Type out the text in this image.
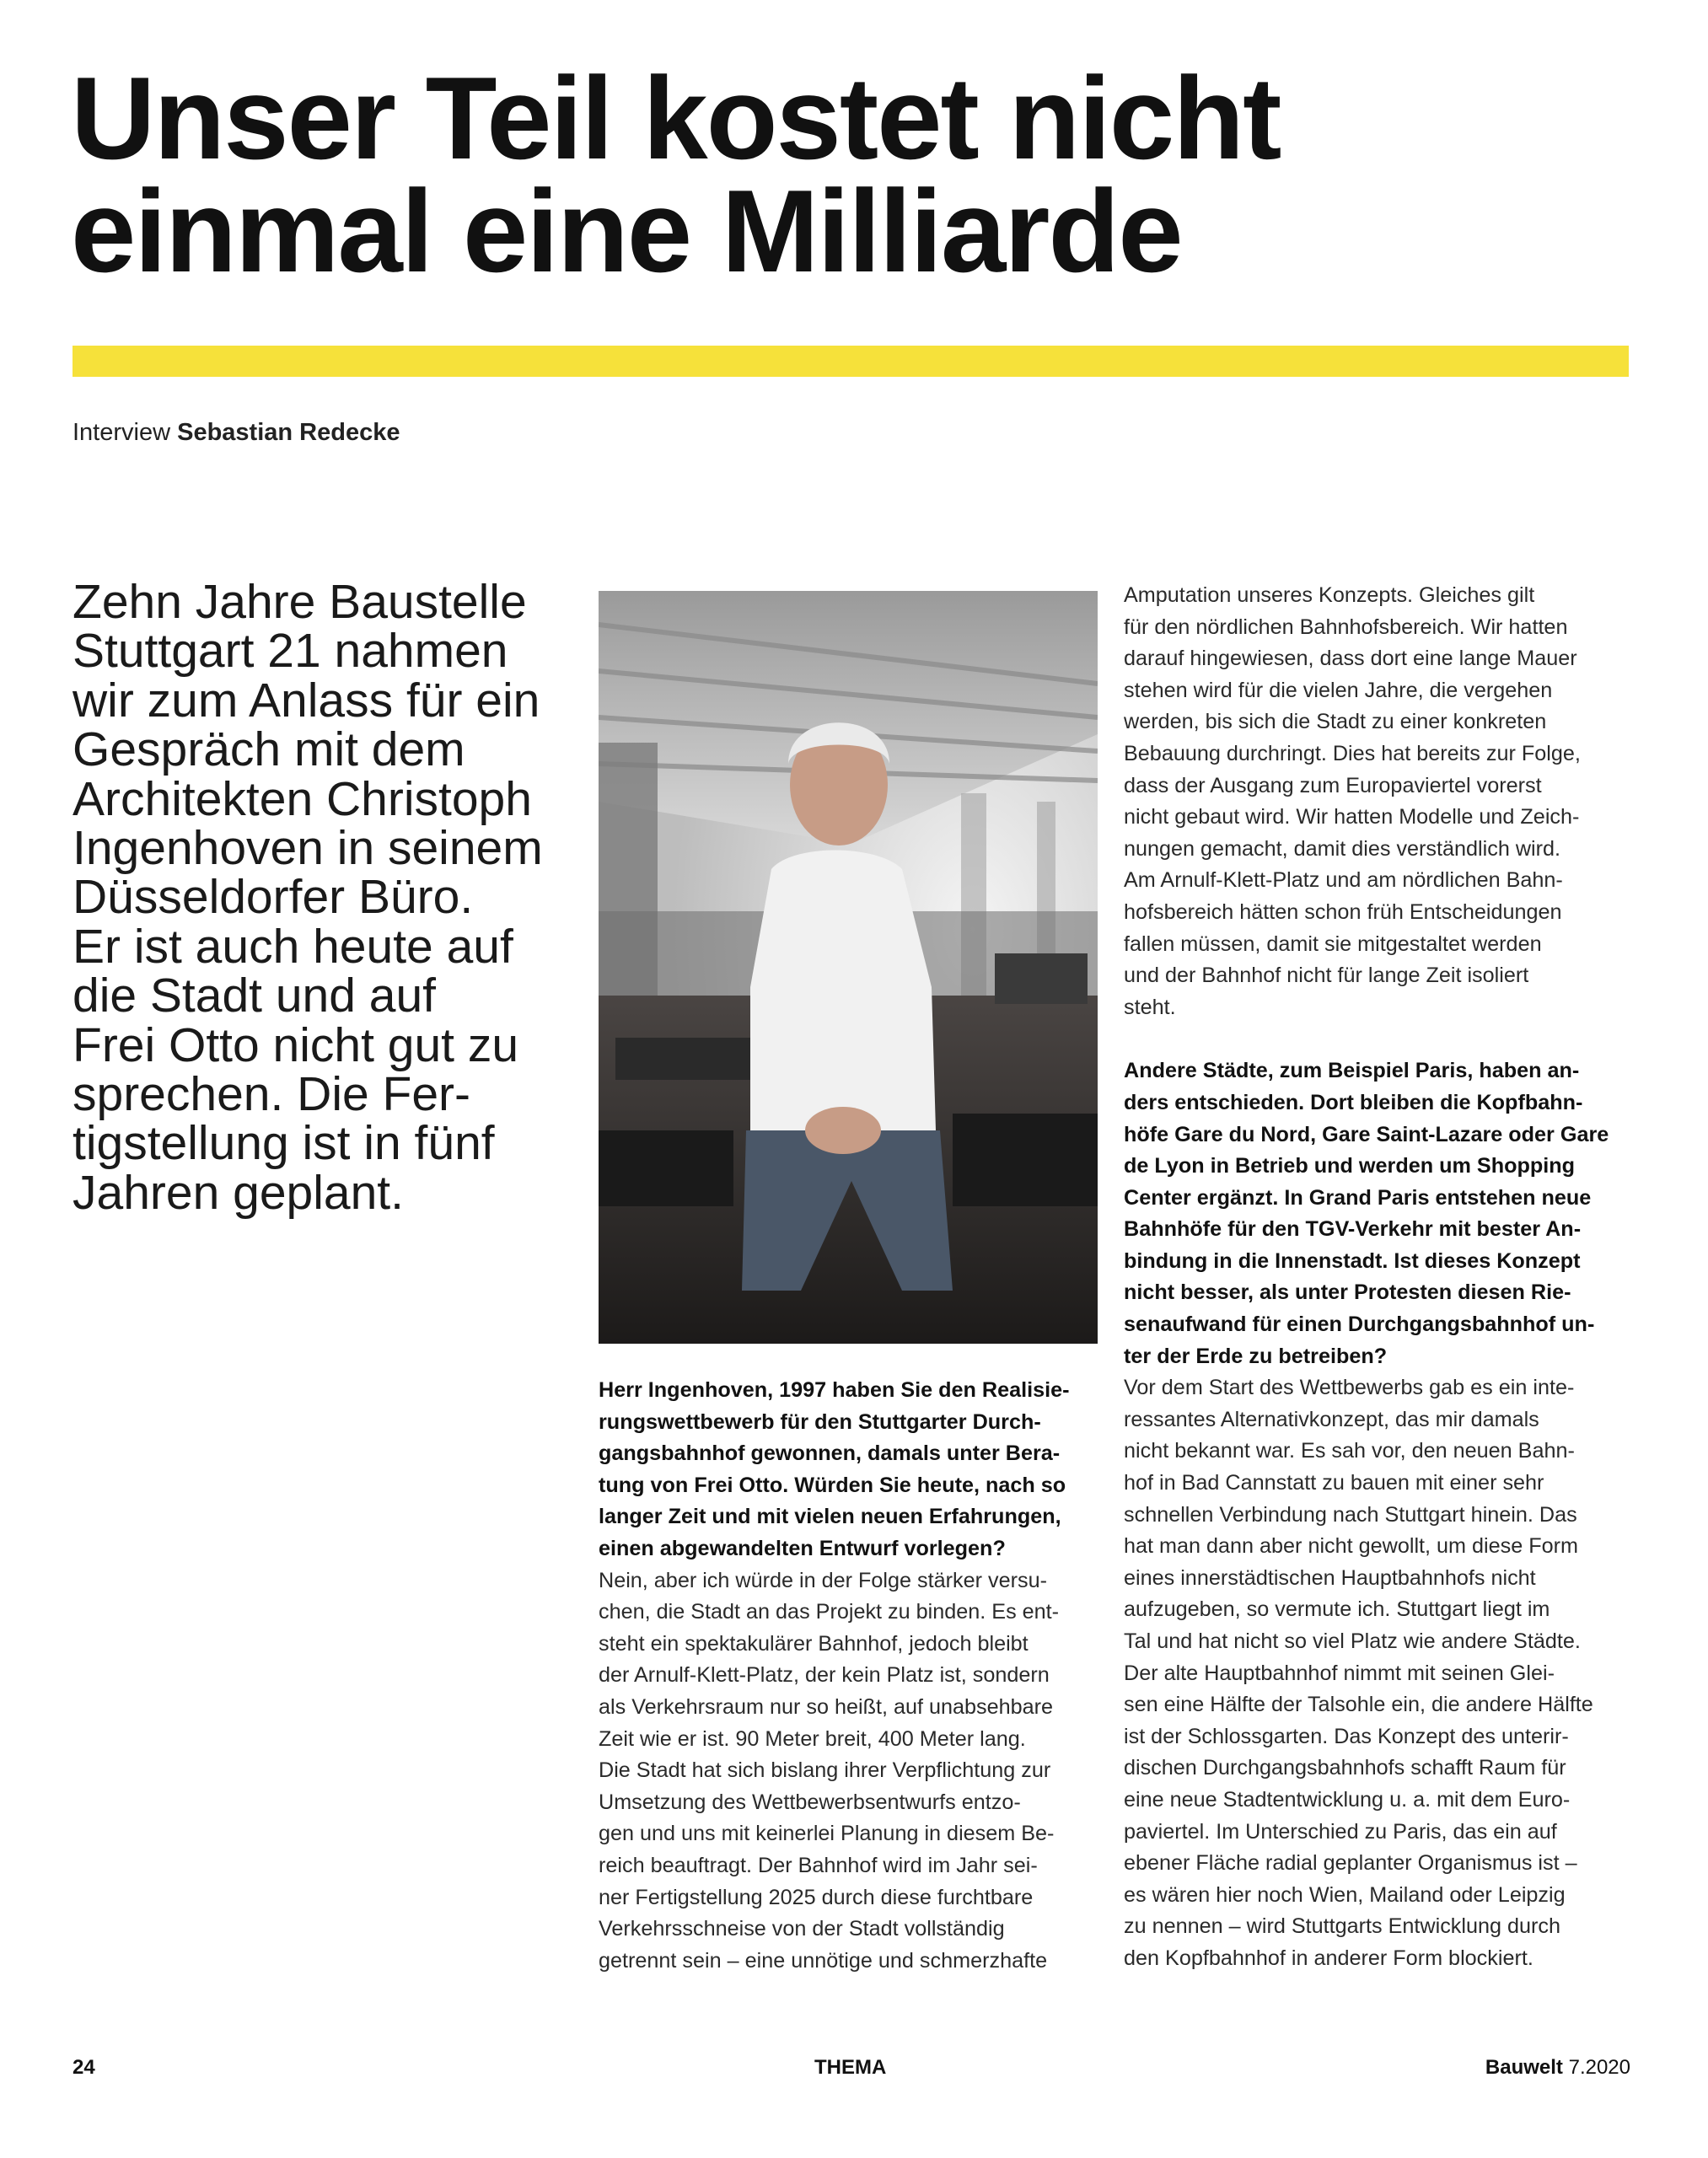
Unser Teil kostet nicht
einmal eine Milliarde
Interview Sebastian Redecke
Zehn Jahre Baustelle
Stuttgart 21 nahmen
wir zum Anlass für ein
Gespräch mit dem
Architekten Christoph
Ingenhoven in seinem
Düsseldorfer Büro.
Er ist auch heute auf
die Stadt und auf
Frei Otto nicht gut zu
sprechen. Die Fer-
tigstellung ist in fünf
Jahren geplant.
Herr Ingenhoven, 1997 haben Sie den Realisie-
rungswettbewerb für den Stuttgarter Durch-
gangsbahnhof gewonnen, damals unter Bera-
tung von Frei Otto. Würden Sie heute, nach so
langer Zeit und mit vielen neuen Erfahrungen,
einen abgewandelten Entwurf vorlegen?
Nein, aber ich würde in der Folge stärker versu-
chen, die Stadt an das Projekt zu binden. Es ent-
steht ein spektakulärer Bahnhof, jedoch bleibt
der Arnulf-Klett-Platz, der kein Platz ist, sondern
als Verkehrsraum nur so heißt, auf unabsehbare
Zeit wie er ist. 90 Meter breit, 400 Meter lang.
Die Stadt hat sich bislang ihrer Verpflichtung zur
Umsetzung des Wettbewerbsentwurfs entzo-
gen und uns mit keinerlei Planung in diesem Be-
reich beauftragt. Der Bahnhof wird im Jahr sei-
ner Fertigstellung 2025 durch diese furchtbare
Verkehrsschneise von der Stadt vollständig
getrennt sein – eine unnötige und schmerzhafte
Amputation unseres Konzepts. Gleiches gilt
für den nördlichen Bahnhofsbereich. Wir hatten
darauf hingewiesen, dass dort eine lange Mauer
stehen wird für die vielen Jahre, die vergehen
werden, bis sich die Stadt zu einer konkreten
Bebauung durchringt. Dies hat bereits zur Folge,
dass der Ausgang zum Europaviertel vorerst
nicht gebaut wird. Wir hatten Modelle und Zeich-
nungen gemacht, damit dies verständlich wird.
Am Arnulf-Klett-Platz und am nördlichen Bahn-
hofsbereich hätten schon früh Entscheidungen
fallen müssen, damit sie mitgestaltet werden
und der Bahnhof nicht für lange Zeit isoliert
steht.
Andere Städte, zum Beispiel Paris, haben an-
ders entschieden. Dort bleiben die Kopfbahn-
höfe Gare du Nord, Gare Saint-Lazare oder Gare
de Lyon in Betrieb und werden um Shopping
Center ergänzt. In Grand Paris entstehen neue
Bahnhöfe für den TGV-Verkehr mit bester An-
bindung in die Innenstadt. Ist dieses Konzept
nicht besser, als unter Protesten diesen Rie-
senaufwand für einen Durchgangsbahnhof un-
ter der Erde zu betreiben?
Vor dem Start des Wettbewerbs gab es ein inte-
ressantes Alternativkonzept, das mir damals
nicht bekannt war. Es sah vor, den neuen Bahn-
hof in Bad Cannstatt zu bauen mit einer sehr
schnellen Verbindung nach Stuttgart hinein. Das
hat man dann aber nicht gewollt, um diese Form
eines innerstädtischen Hauptbahnhofs nicht
aufzugeben, so vermute ich. Stuttgart liegt im
Tal und hat nicht so viel Platz wie andere Städte.
Der alte Hauptbahnhof nimmt mit seinen Glei-
sen eine Hälfte der Talsohle ein, die andere Hälfte
ist der Schlossgarten. Das Konzept des unterir-
dischen Durchgangsbahnhofs schafft Raum für
eine neue Stadtentwicklung u. a. mit dem Euro-
paviertel. Im Unterschied zu Paris, das ein auf
ebener Fläche radial geplanter Organismus ist –
es wären hier noch Wien, Mailand oder Leipzig
zu nennen – wird Stuttgarts Entwicklung durch
den Kopfbahnhof in anderer Form blockiert.
24	THEMA	Bauwelt 7.2020
